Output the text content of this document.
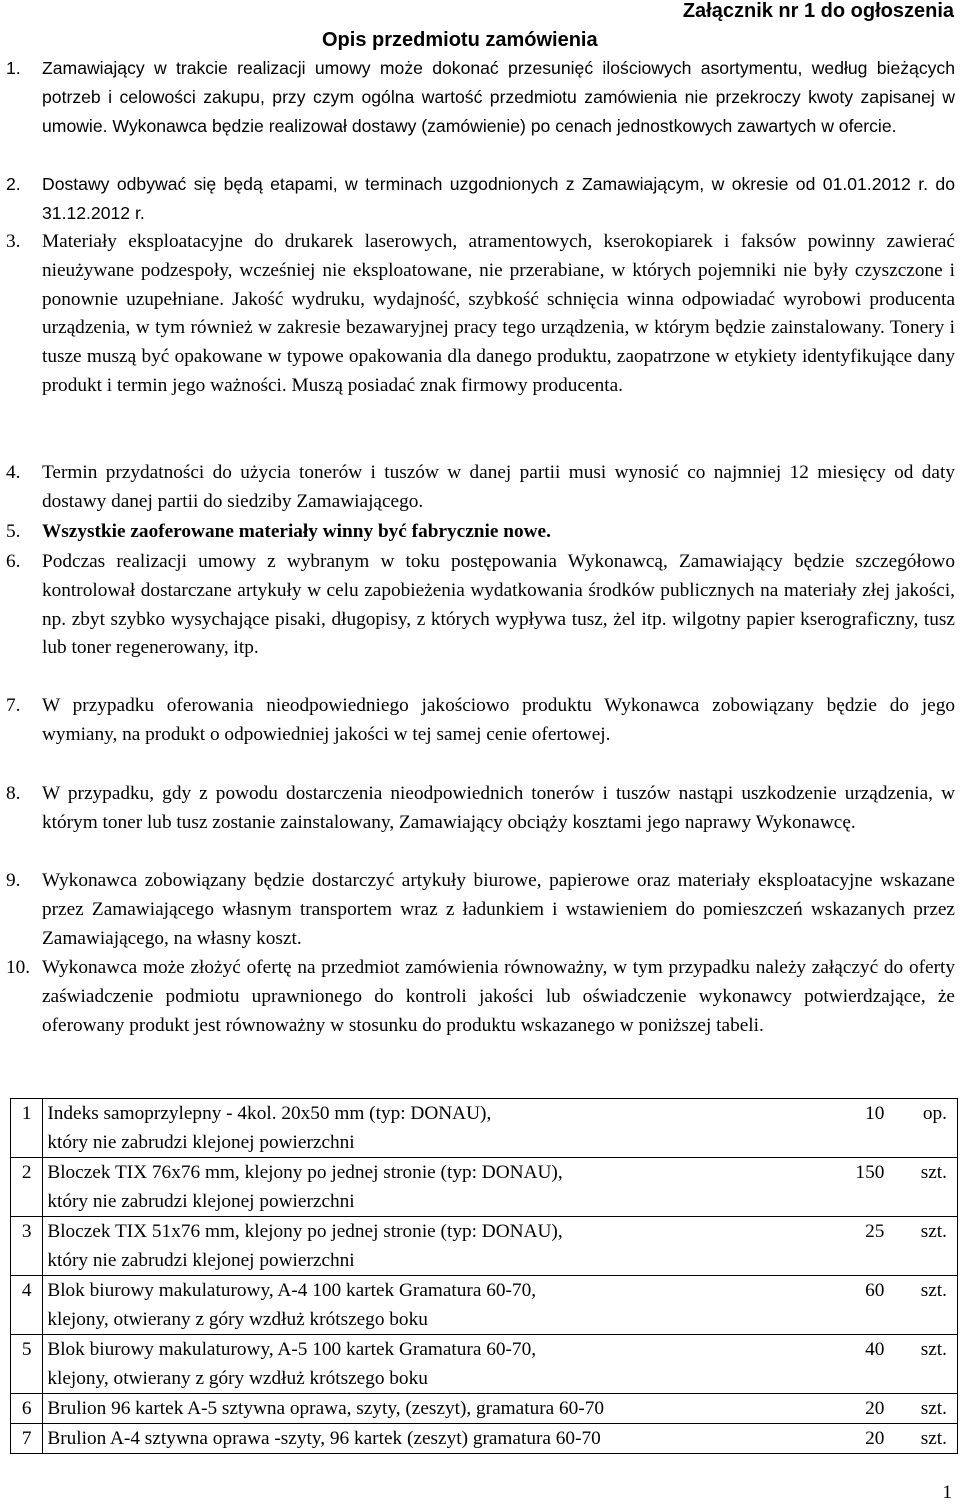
Załącznik nr 1 do ogłoszenia
Opis przedmiotu zamówienia
1. Zamawiający w trakcie realizacji umowy może dokonać przesunięć ilościowych asortymentu, według bieżących potrzeb i celowości zakupu, przy czym ogólna wartość przedmiotu zamówienia nie przekroczy kwoty zapisanej w umowie. Wykonawca będzie realizował dostawy (zamówienie) po cenach jednostkowych zawartych w ofercie.
2. Dostawy odbywać się będą etapami, w terminach uzgodnionych z Zamawiającym, w okresie od 01.01.2012 r. do 31.12.2012 r.
3. Materiały eksploatacyjne do drukarek laserowych, atramentowych, kserokopiarek i faksów powinny zawierać nieużywane podzespoły, wcześniej nie eksploatowane, nie przerabiane, w których pojemniki nie były czyszczone i ponownie uzupełniane. Jakość wydruku, wydajność, szybkość schnięcia winna odpowiadać wyrobowi producenta urządzenia, w tym również w zakresie bezawaryjnej pracy tego urządzenia, w którym będzie zainstalowany. Tonery i tusze muszą być opakowane w typowe opakowania dla danego produktu, zaopatrzone w etykiety identyfikujące dany produkt i termin jego ważności. Muszą posiadać znak firmowy producenta.
4. Termin przydatności do użycia tonerów i tuszów w danej partii musi wynosić co najmniej 12 miesięcy od daty dostawy danej partii do siedziby Zamawiającego.
5. Wszystkie zaoferowane materiały winny być fabrycznie nowe.
6. Podczas realizacji umowy z wybranym w toku postępowania Wykonawcą, Zamawiający będzie szczegółowo kontrolował dostarczane artykuły w celu zapobieżenia wydatkowania środków publicznych na materiały złej jakości, np. zbyt szybko wysychające pisaki, długopisy, z których wypływa tusz, żel itp. wilgotny papier kserograficzny, tusz lub toner regenerowany, itp.
7. W przypadku oferowania nieodpowiedniego jakościowo produktu Wykonawca zobowiązany będzie do jego wymiany, na produkt o odpowiedniej jakości w tej samej cenie ofertowej.
8. W przypadku, gdy z powodu dostarczenia nieodpowiednich tonerów i tuszów nastąpi uszkodzenie urządzenia, w którym toner lub tusz zostanie zainstalowany, Zamawiający obciąży kosztami jego naprawy Wykonawcę.
9. Wykonawca zobowiązany będzie dostarczyć artykuły biurowe, papierowe oraz materiały eksploatacyjne wskazane przez Zamawiającego własnym transportem wraz z ładunkiem i wstawieniem do pomieszczeń wskazanych przez Zamawiającego, na własny koszt.
10. Wykonawca może złożyć ofertę na przedmiot zamówienia równoważny, w tym przypadku należy załączyć do oferty zaświadczenie podmiotu uprawnionego do kontroli jakości lub oświadczenie wykonawcy potwierdzające, że oferowany produkt jest równoważny w stosunku do produktu wskazanego w poniższej tabeli.
1	Indeks samoprzylepny - 4kol. 20x50 mm (typ: DONAU),
który nie zabrudzi klejonej powierzchni	10	op.
2	Bloczek TIX 76x76 mm, klejony po jednej stronie (typ: DONAU),
który nie zabrudzi klejonej powierzchni	150	szt.
3	Bloczek TIX 51x76 mm, klejony po jednej stronie (typ: DONAU),
który nie zabrudzi klejonej powierzchni	25	szt.
4	Blok biurowy makulaturowy, A-4 100 kartek Gramatura 60-70,
klejony, otwierany z góry wzdłuż krótszego boku	60	szt.
5	Blok biurowy makulaturowy, A-5 100 kartek Gramatura 60-70,
klejony, otwierany z góry wzdłuż krótszego boku	40	szt.
6	Brulion 96 kartek A-5 sztywna oprawa, szyty, (zeszyt), gramatura 60-70	20	szt.
7	Brulion A-4 sztywna oprawa -szyty, 96 kartek (zeszyt) gramatura 60-70	20	szt.
1
